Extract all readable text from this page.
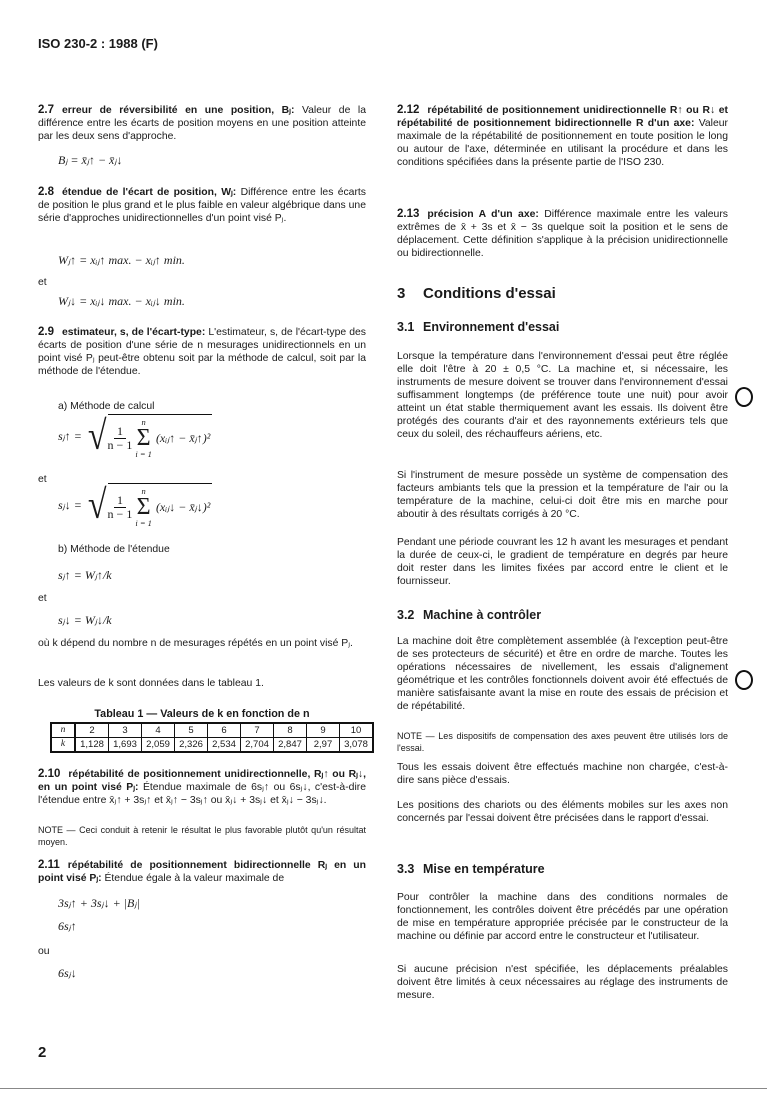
ISO 230-2 : 1988 (F)
2.7 erreur de réversibilité en une position, Bⱼ: Valeur de la différence entre les écarts de position moyens en une position atteinte par les deux sens d'approche.
Bⱼ = x̄ⱼ↑ − x̄ⱼ↓
2.8 étendue de l'écart de position, Wⱼ: Différence entre les écarts de position le plus grand et le plus faible en valeur algébrique dans une série d'approches unidirectionnelles d'un point visé Pⱼ.
Wⱼ↑ = xᵢⱼ↑ max. − xᵢⱼ↑ min.
et
Wⱼ↓ = xᵢⱼ↓ max. − xᵢⱼ↓ min.
2.9 estimateur, s, de l'écart-type: L'estimateur, s, de l'écart-type des écarts de position d'une série de n mesurages unidirectionnels en un point visé Pⱼ peut-être obtenu soit par la méthode de calcul, soit par la méthode de l'étendue.
a) Méthode de calcul
sⱼ↑ = √ $\frac{1}{n - 1}$
n
Σ
i = 1
(xᵢⱼ↑ − x̄ⱼ↑)²
et
sⱼ↓ = √ $\frac{1}{n - 1}$
n
Σ
i = 1
(xᵢⱼ↓ − x̄ⱼ↓)²
b) Méthode de l'étendue
sⱼ↑ = Wⱼ↑/k
et
sⱼ↓ = Wⱼ↓/k
où k dépend du nombre n de mesurages répétés en un point visé Pⱼ.
Les valeurs de k sont données dans le tableau 1.
Tableau 1 — Valeurs de k en fonction de n
n	2	3	4	5	6	7	8	9	10
k	1,128	1,693	2,059	2,326	2,534	2,704	2,847	2,97	3,078
2.10 répétabilité de positionnement unidirectionnelle, Rⱼ↑ ou Rⱼ↓, en un point visé Pⱼ: Étendue maximale de 6sⱼ↑ ou 6sⱼ↓, c'est-à-dire l'étendue entre x̄ⱼ↑ + 3sⱼ↑ et x̄ⱼ↑ − 3sⱼ↑ ou x̄ⱼ↓ + 3sⱼ↓ et x̄ⱼ↓ − 3sⱼ↓.
NOTE — Ceci conduit à retenir le résultat le plus favorable plutôt qu'un résultat moyen.
2.11 répétabilité de positionnement bidirectionnelle Rⱼ en un point visé Pⱼ: Étendue égale à la valeur maximale de
3sⱼ↑ + 3sⱼ↓ + |Bⱼ|
6sⱼ↑
ou
6sⱼ↓
2.12 répétabilité de positionnement unidirectionnelle R↑ ou R↓ et répétabilité de positionnement bidirectionnelle R d'un axe: Valeur maximale de la répétabilité de positionnement en toute position le long ou autour de l'axe, déterminée en utilisant la procédure et dans les conditions spécifiées dans la présente partie de l'ISO 230.
2.13 précision A d'un axe: Différence maximale entre les valeurs extrêmes de x̄ + 3s et x̄ − 3s quelque soit la position et le sens de déplacement. Cette définition s'applique à la précision unidirectionnelle ou bidirectionnelle.
3 Conditions d'essai
3.1 Environnement d'essai
Lorsque la température dans l'environnement d'essai peut être réglée elle doit l'être à 20 ± 0,5 °C. La machine et, si nécessaire, les instruments de mesure doivent se trouver dans l'environnement d'essai suffisamment longtemps (de préférence toute une nuit) pour avoir atteint un état stable thermiquement avant les essais. Ils doivent être protégés des courants d'air et des rayonnements extérieurs tels que ceux du soleil, des réchauffeurs aériens, etc.
Si l'instrument de mesure possède un système de compensation des facteurs ambiants tels que la pression et la température de l'air ou la température de la machine, celui-ci doit être mis en marche pour aboutir à des résultats corrigés à 20 °C.
Pendant une période couvrant les 12 h avant les mesurages et pendant la durée de ceux-ci, le gradient de température en degrés par heure doit rester dans les limites fixées par accord entre le client et le fournisseur.
3.2 Machine à contrôler
La machine doit être complètement assemblée (à l'exception peut-être de ses protecteurs de sécurité) et être en ordre de marche. Toutes les opérations nécessaires de nivellement, les essais d'alignement géométrique et les contrôles fonctionnels doivent avoir été effectués de manière satisfaisante avant la mise en route des essais de précision et de répétabilité.
NOTE — Les dispositifs de compensation des axes peuvent être utilisés lors de l'essai.
Tous les essais doivent être effectués machine non chargée, c'est-à-dire sans pièce d'essais.
Les positions des chariots ou des éléments mobiles sur les axes non concernés par l'essai doivent être précisées dans le rapport d'essai.
3.3 Mise en température
Pour contrôler la machine dans des conditions normales de fonctionnement, les contrôles doivent être précédés par une opération de mise en température appropriée précisée par le constructeur de la machine ou définie par accord entre le constructeur et l'utilisateur.
Si aucune précision n'est spécifiée, les déplacements préalables doivent être limités à ceux nécessaires au réglage des instruments de mesure.
2
